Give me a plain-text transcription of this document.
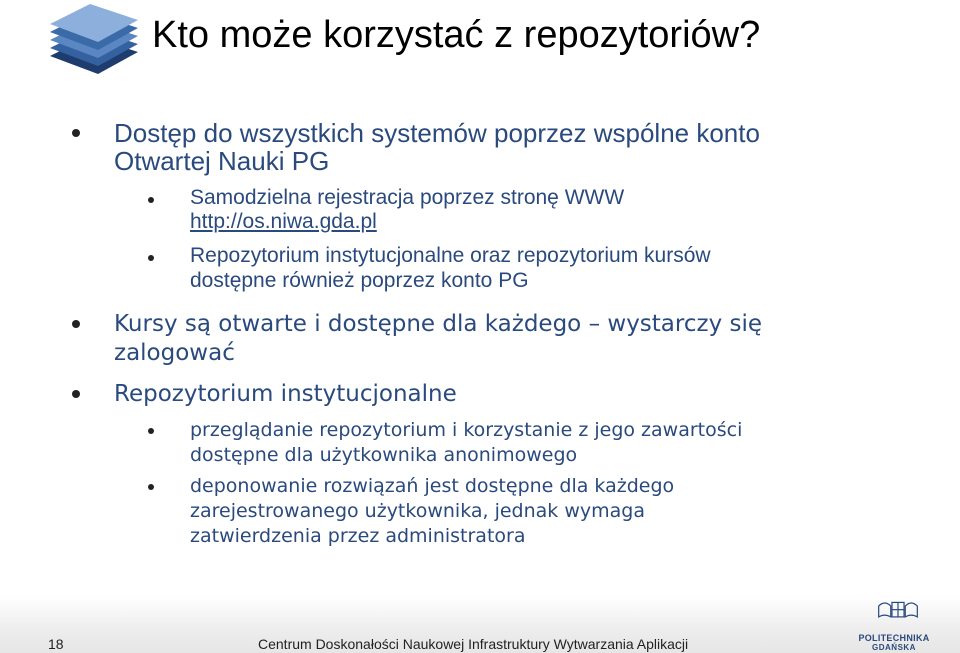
Kto może korzystać z repozytoriów?
Dostęp do wszystkich systemów poprzez wspólne konto
Otwartej Nauki PG
Samodzielna rejestracja poprzez stronę WWW
http://os.niwa.gda.pl
Repozytorium instytucjonalne oraz repozytorium kursów
dostępne również poprzez konto PG
Kursy są otwarte i dostępne dla każdego – wystarczy się
zalogować
Repozytorium instytucjonalne
przeglądanie repozytorium i korzystanie z jego zawartości
dostępne dla użytkownika anonimowego
deponowanie rozwiązań jest dostępne dla każdego
zarejestrowanego użytkownika, jednak wymaga
zatwierdzenia przez administratora
18	Centrum Doskonałości Naukowej Infrastruktury Wytwarzania Aplikacji	POLITECHNIKA
GDAŃSKA
